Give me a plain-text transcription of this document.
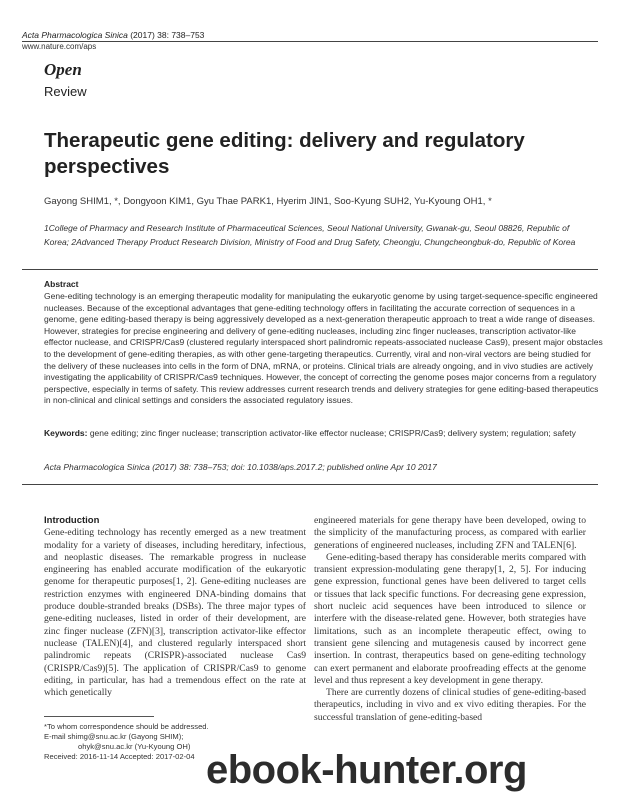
Acta Pharmacologica Sinica (2017) 38: 738–753
www.nature.com/aps
Open
Review
Therapeutic gene editing: delivery and regulatory perspectives
Gayong SHIM1, *, Dongyoon KIM1, Gyu Thae PARK1, Hyerim JIN1, Soo-Kyung SUH2, Yu-Kyoung OH1, *
1College of Pharmacy and Research Institute of Pharmaceutical Sciences, Seoul National University, Gwanak-gu, Seoul 08826, Republic of Korea; 2Advanced Therapy Product Research Division, Ministry of Food and Drug Safety, Cheongju, Chungcheongbuk-do, Republic of Korea
Abstract
Gene-editing technology is an emerging therapeutic modality for manipulating the eukaryotic genome by using target-sequence-specific engineered nucleases. Because of the exceptional advantages that gene-editing technology offers in facilitating the accurate correction of sequences in a genome, gene editing-based therapy is being aggressively developed as a next-generation therapeutic approach to treat a wide range of diseases. However, strategies for precise engineering and delivery of gene-editing nucleases, including zinc finger nucleases, transcription activator-like effector nuclease, and CRISPR/Cas9 (clustered regularly interspaced short palindromic repeats-associated nuclease Cas9), present major obstacles to the development of gene-editing therapies, as with other gene-targeting therapeutics. Currently, viral and non-viral vectors are being studied for the delivery of these nucleases into cells in the form of DNA, mRNA, or proteins. Clinical trials are already ongoing, and in vivo studies are actively investigating the applicability of CRISPR/Cas9 techniques. However, the concept of correcting the genome poses major concerns from a regulatory perspective, especially in terms of safety. This review addresses current research trends and delivery strategies for gene editing-based therapeutics in non-clinical and clinical settings and considers the associated regulatory issues.
Keywords: gene editing; zinc finger nuclease; transcription activator-like effector nuclease; CRISPR/Cas9; delivery system; regulation; safety
Acta Pharmacologica Sinica (2017) 38: 738–753; doi: 10.1038/aps.2017.2; published online Apr 10 2017
Introduction

Gene-editing technology has recently emerged as a new treatment modality for a variety of diseases, including hereditary, infectious, and neoplastic diseases. The remarkable progress in nuclease engineering has enabled accurate modification of the eukaryotic genome for therapeutic purposes[1, 2]. Gene-editing nucleases are restriction enzymes with engineered DNA-binding domains that produce double-stranded breaks (DSBs). The three major types of gene-editing nucleases, listed in order of their development, are zinc finger nuclease (ZFN)[3], transcription activator-like effector nuclease (TALEN)[4], and clustered regularly interspaced short palindromic repeats (CRISPR)-associated nuclease Cas9 (CRISPR/Cas9)[5]. The application of CRISPR/Cas9 to genome editing, in particular, has had a tremendous effect on the rate at which genetically

engineered materials for gene therapy have been developed, owing to the simplicity of the manufacturing process, as compared with earlier generations of engineered nucleases, including ZFN and TALEN[6].

Gene-editing-based therapy has considerable merits compared with transient expression-modulating gene therapy[1, 2, 5]. For inducing gene expression, functional genes have been delivered to target cells or tissues that lack specific functions. For decreasing gene expression, short nucleic acid sequences have been introduced to silence or interfere with the disease-related gene. However, both strategies have limitations, such as an incomplete therapeutic effect, owing to transient gene silencing and mutagenesis caused by incorrect gene insertion. In contrast, therapeutics based on gene-editing technology can exert permanent and elaborate proofreading effects at the genome level and thus represent a key development in gene therapy.

There are currently dozens of clinical studies of gene-editing-based therapeutics, including in vivo and ex vivo editing therapies. For the successful translation of gene-editing-based

*To whom correspondence should be addressed.
E-mail shimg@snu.ac.kr (Gayong SHIM);
ohyk@snu.ac.kr (Yu-Kyoung OH)
Received: 2016-11-14 Accepted: 2017-02-04 ebook-hunter.org
